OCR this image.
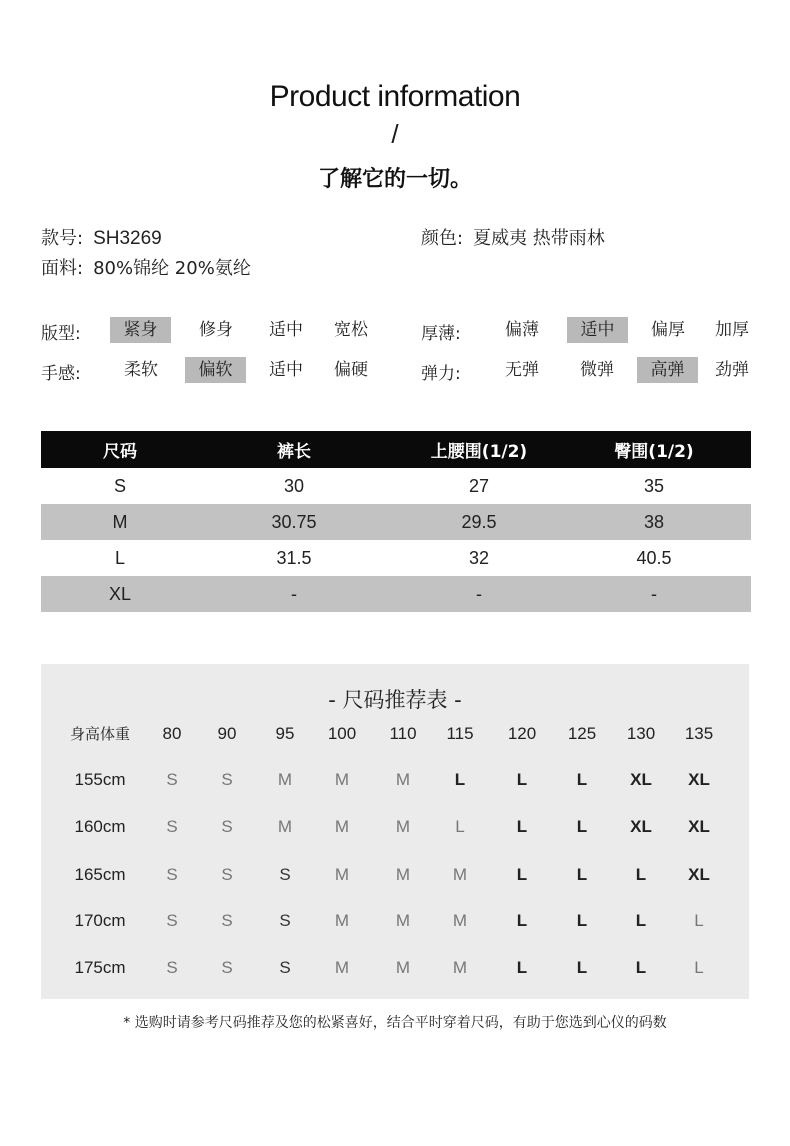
Product information
/
了解它的一切。
款号: SH3269	颜色: 夏威夷 热带雨林
面料: 80%锦纶 20%氨纶
版型:	紧身	修身	适中	宽松	厚薄:	偏薄	适中	偏厚	加厚
手感:	柔软	偏软	适中	偏硬	弹力:	无弹	微弹	高弹	劲弹
尺码	裤长	上腰围(1/2)	臀围(1/2)
S	30	27	35
M	30.75	29.5	38
L	31.5	32	40.5
XL	-	-	-
- 尺码推荐表 -
身高体重	80	90	95	100	110	115	120	125	130	135
155cm	S	S	M	M	M	L	L	L	XL	XL
160cm	S	S	M	M	M	L	L	L	XL	XL
165cm	S	S	S	M	M	M	L	L	L	XL
170cm	S	S	S	M	M	M	L	L	L	L
175cm	S	S	S	M	M	M	L	L	L	L
* 选购时请参考尺码推荐及您的松紧喜好，结合平时穿着尺码，有助于您选到心仪的码数
